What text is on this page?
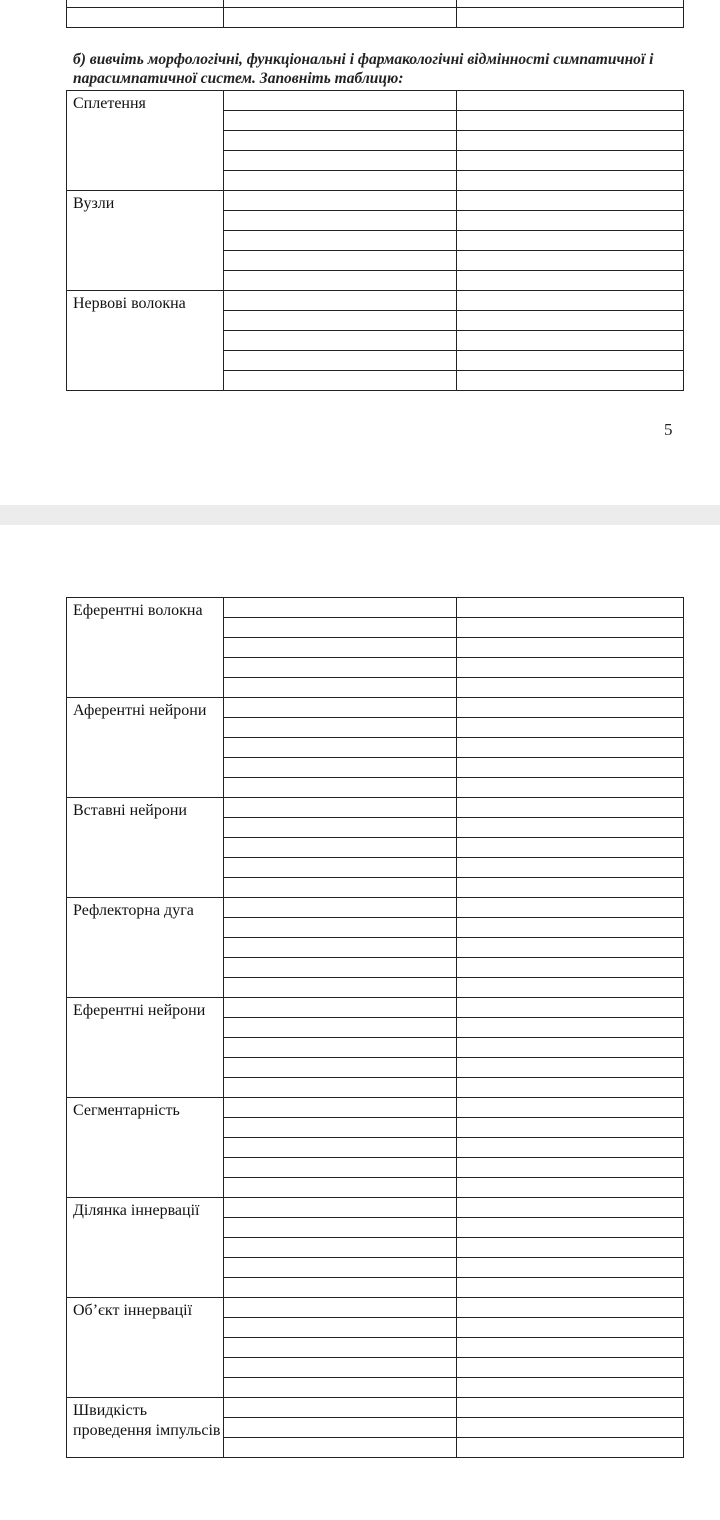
б) вивчіть морфологічні, функціональні і фармакологічні відмінності симпатичної і парасимпатичної систем. Заповніть таблицю:

Сплетення		

Вузли		

Нервові волокна		

5
Еферентні волокна		

Аферентні нейрони		

Вставні нейрони		

Рефлекторна дуга		

Еферентні нейрони		

Сегментарність		

Ділянка іннервації		

Об’єкт іннервації		

Швидкість проведення імпульсів		
